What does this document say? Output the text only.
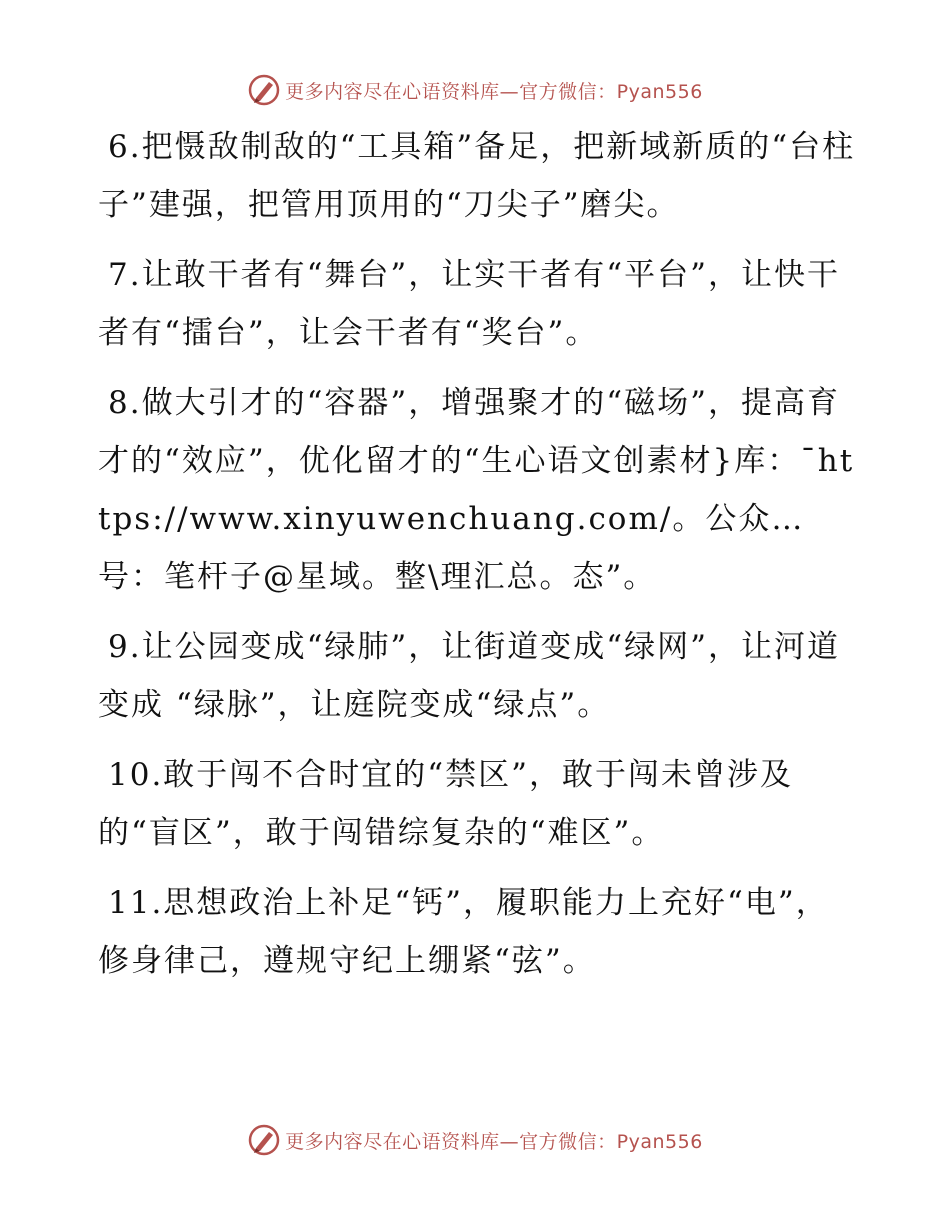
更多内容尽在心语资料库—官方微信：Pyan556

6.把慑敌制敌的“工具箱”备足，把新域新质的“台柱子”建强，把管用顶用的“刀尖子”磨尖。

7.让敢干者有“舞台”，让实干者有“平台”，让快干者有“擂台”，让会干者有“奖台”。

8.做大引才的“容器”，增强聚才的“磁场”，提高育才的“效应”，优化留才的“生心语文创素材}库：¯https://www.xinyuwenchuang.com/。公众…号：笔杆子@星域。整\理汇总。态”。

9.让公园变成“绿肺”，让街道变成“绿网”，让河道变成 “绿脉”，让庭院变成“绿点”。

10.敢于闯不合时宜的“禁区”，敢于闯未曾涉及的“盲区”，敢于闯错综复杂的“难区”。

11.思想政治上补足“钙”，履职能力上充好“电”，修身律己，遵规守纪上绷紧“弦”。

更多内容尽在心语资料库—官方微信：Pyan556
